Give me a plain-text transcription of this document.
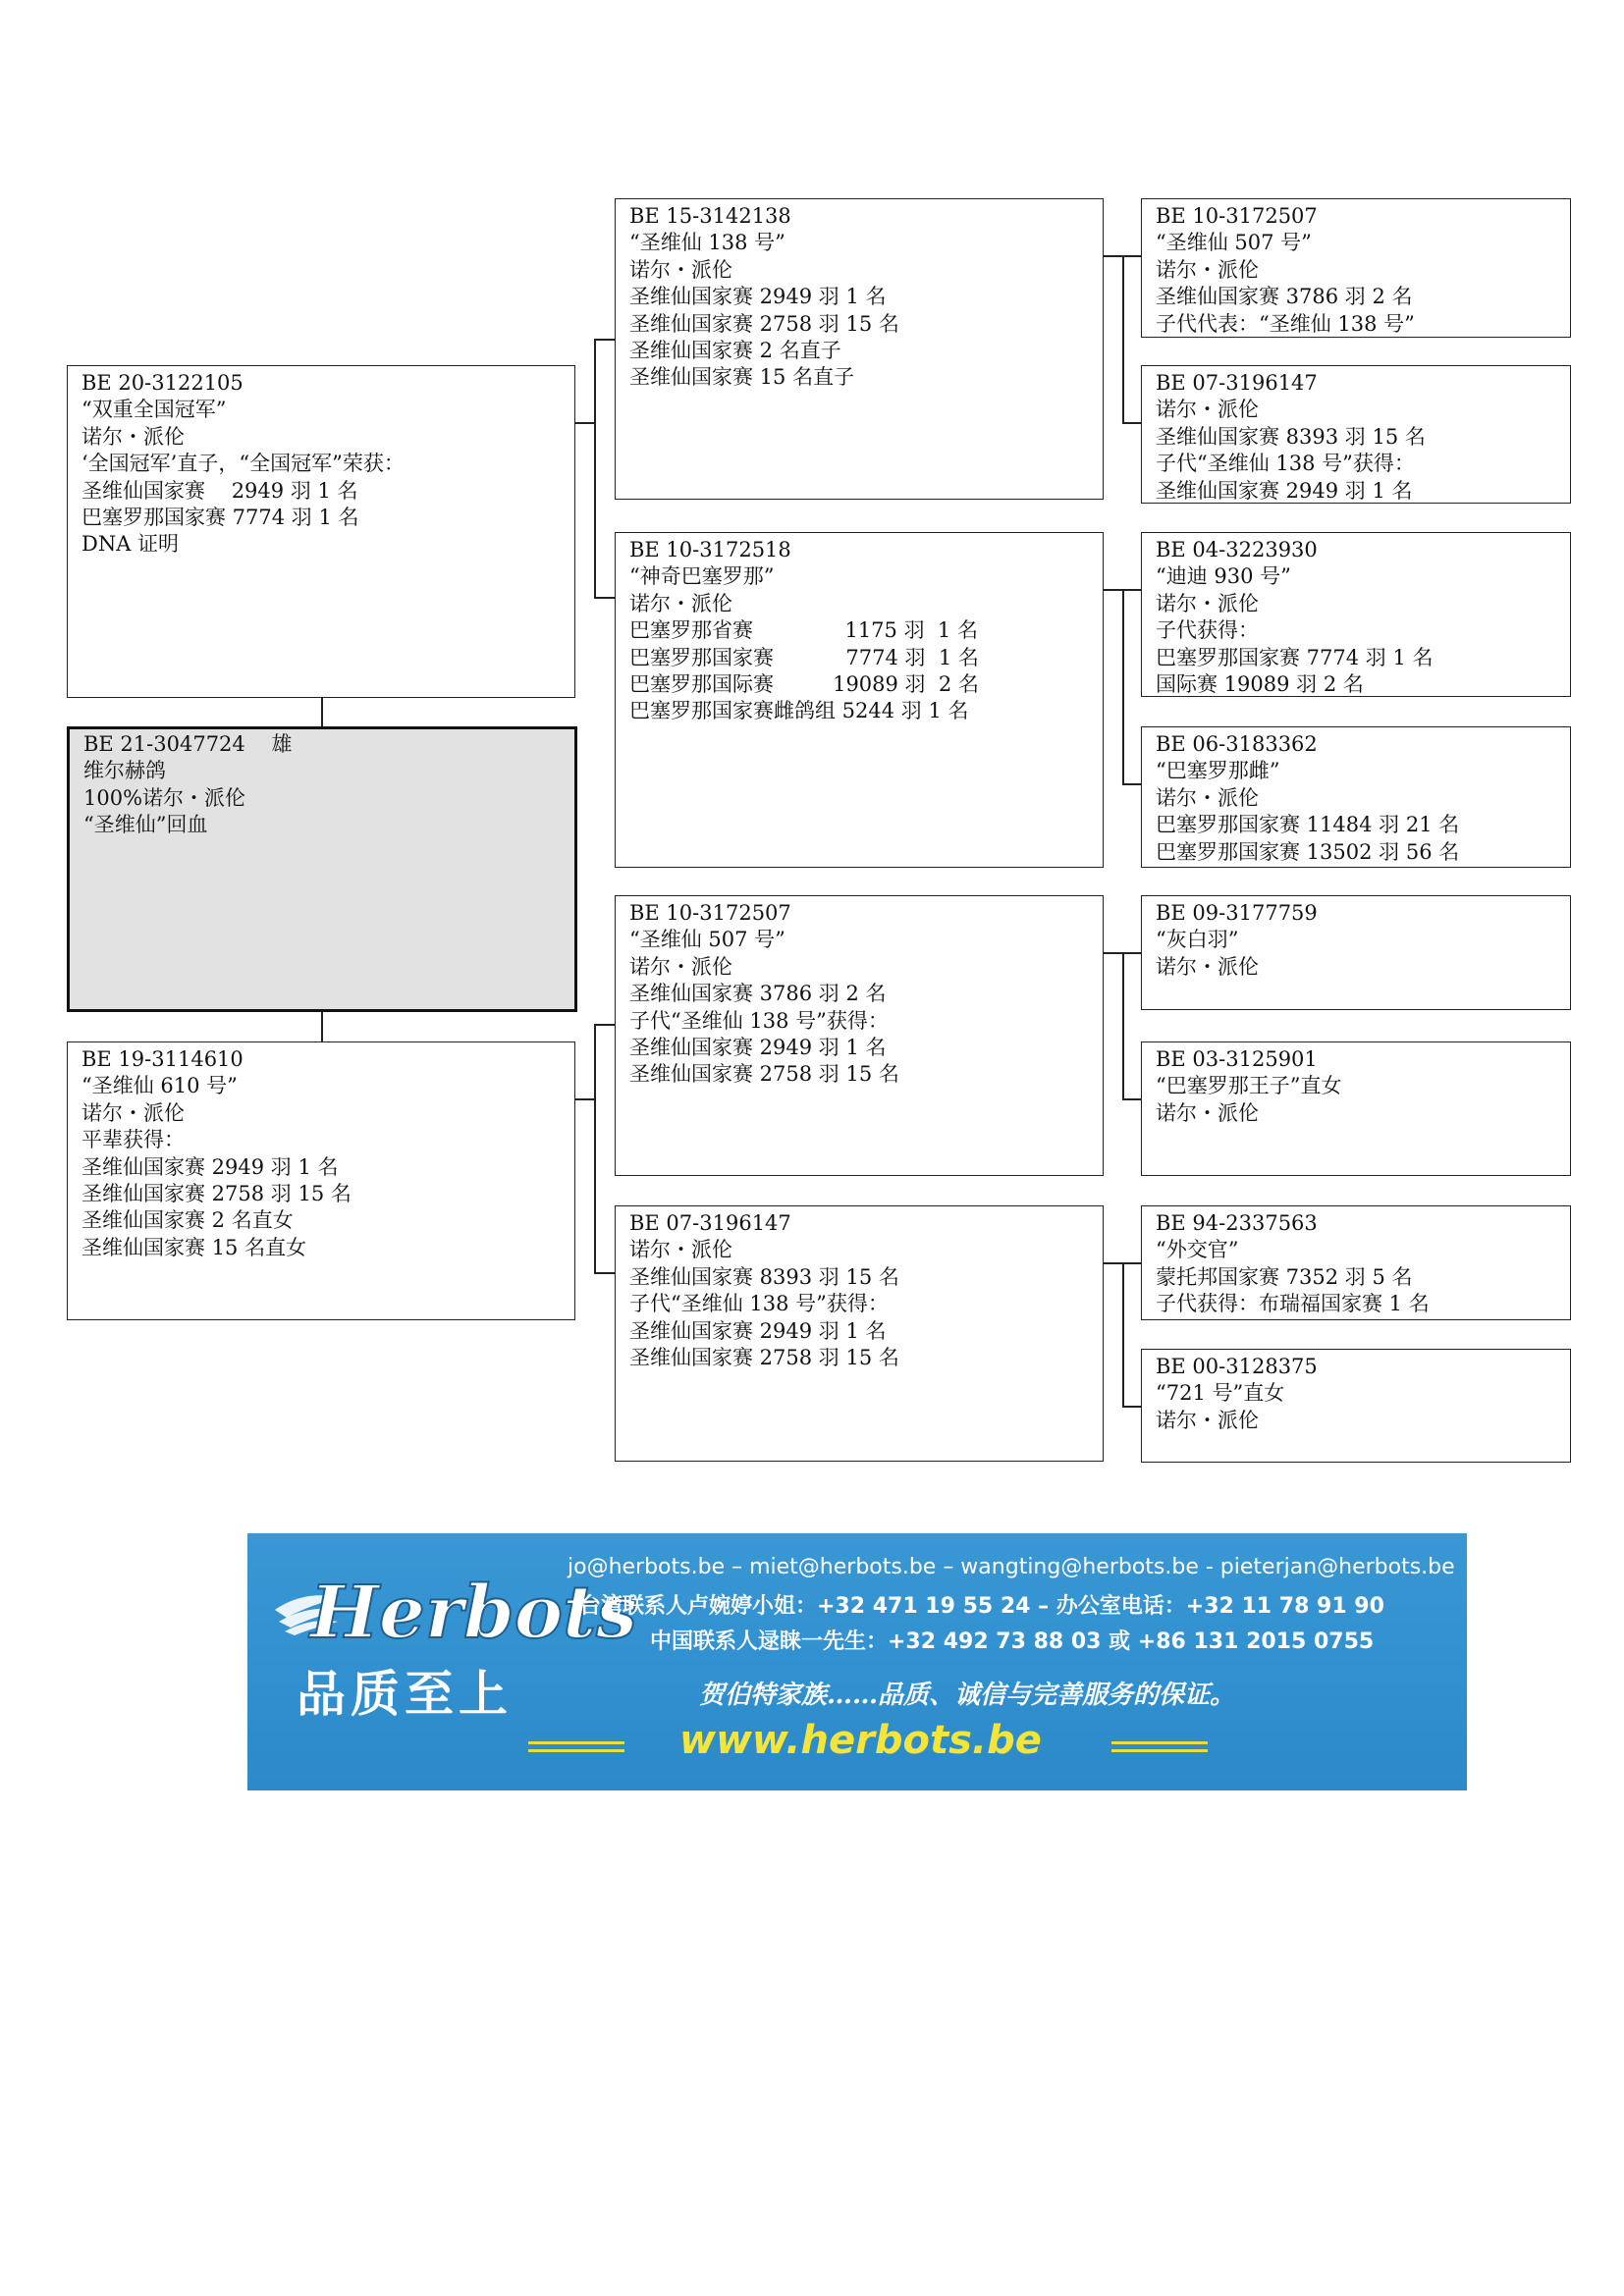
BE 21-3047724    雄
维尔赫鸽
100%诺尔・派伦
“圣维仙”回血
BE 20-3122105
“双重全国冠军”
诺尔・派伦
‘全国冠军’直子，“全国冠军”荣获：
圣维仙国家赛    2949 羽 1 名
巴塞罗那国家赛 7774 羽 1 名
DNA 证明
BE 19-3114610
“圣维仙 610 号”
诺尔・派伦
平辈获得：
圣维仙国家赛 2949 羽 1 名
圣维仙国家赛 2758 羽 15 名
圣维仙国家赛 2 名直女
圣维仙国家赛 15 名直女
BE 15-3142138
“圣维仙 138 号”
诺尔・派伦
圣维仙国家赛 2949 羽 1 名
圣维仙国家赛 2758 羽 15 名
圣维仙国家赛 2 名直子
圣维仙国家赛 15 名直子
BE 10-3172518
“神奇巴塞罗那”
诺尔・派伦
巴塞罗那省赛              1175 羽  1 名
巴塞罗那国家赛           7774 羽  1 名
巴塞罗那国际赛         19089 羽  2 名
巴塞罗那国家赛雌鸽组 5244 羽 1 名
BE 10-3172507
“圣维仙 507 号”
诺尔・派伦
圣维仙国家赛 3786 羽 2 名
子代“圣维仙 138 号”获得：
圣维仙国家赛 2949 羽 1 名
圣维仙国家赛 2758 羽 15 名
BE 07-3196147
诺尔・派伦
圣维仙国家赛 8393 羽 15 名
子代“圣维仙 138 号”获得：
圣维仙国家赛 2949 羽 1 名
圣维仙国家赛 2758 羽 15 名
BE 10-3172507
“圣维仙 507 号”
诺尔・派伦
圣维仙国家赛 3786 羽 2 名
子代代表：“圣维仙 138 号”
BE 07-3196147
诺尔・派伦
圣维仙国家赛 8393 羽 15 名
子代“圣维仙 138 号”获得：
圣维仙国家赛 2949 羽 1 名
BE 04-3223930
“迪迪 930 号”
诺尔・派伦
子代获得：
巴塞罗那国家赛 7774 羽 1 名
国际赛 19089 羽 2 名
BE 06-3183362
“巴塞罗那雌”
诺尔・派伦
巴塞罗那国家赛 11484 羽 21 名
巴塞罗那国家赛 13502 羽 56 名
BE 09-3177759
“灰白羽”
诺尔・派伦
BE 03-3125901
“巴塞罗那王子”直女
诺尔・派伦
BE 94-2337563
“外交官”
蒙托邦国家赛 7352 羽 5 名
子代获得：布瑞福国家赛 1 名
BE 00-3128375
“721 号”直女
诺尔・派伦
Herbots
品质至上
jo@herbots.be – miet@herbots.be – wangting@herbots.be - pieterjan@herbots.be
台湾联系人卢婉婷小姐：+32 471 19 55 24 – 办公室电话：+32 11 78 91 90
中国联系人逯睐一先生：+32 492 73 88 03 或 +86 131 2015 0755
贺伯特家族……品质、诚信与完善服务的保证。
www.herbots.be
